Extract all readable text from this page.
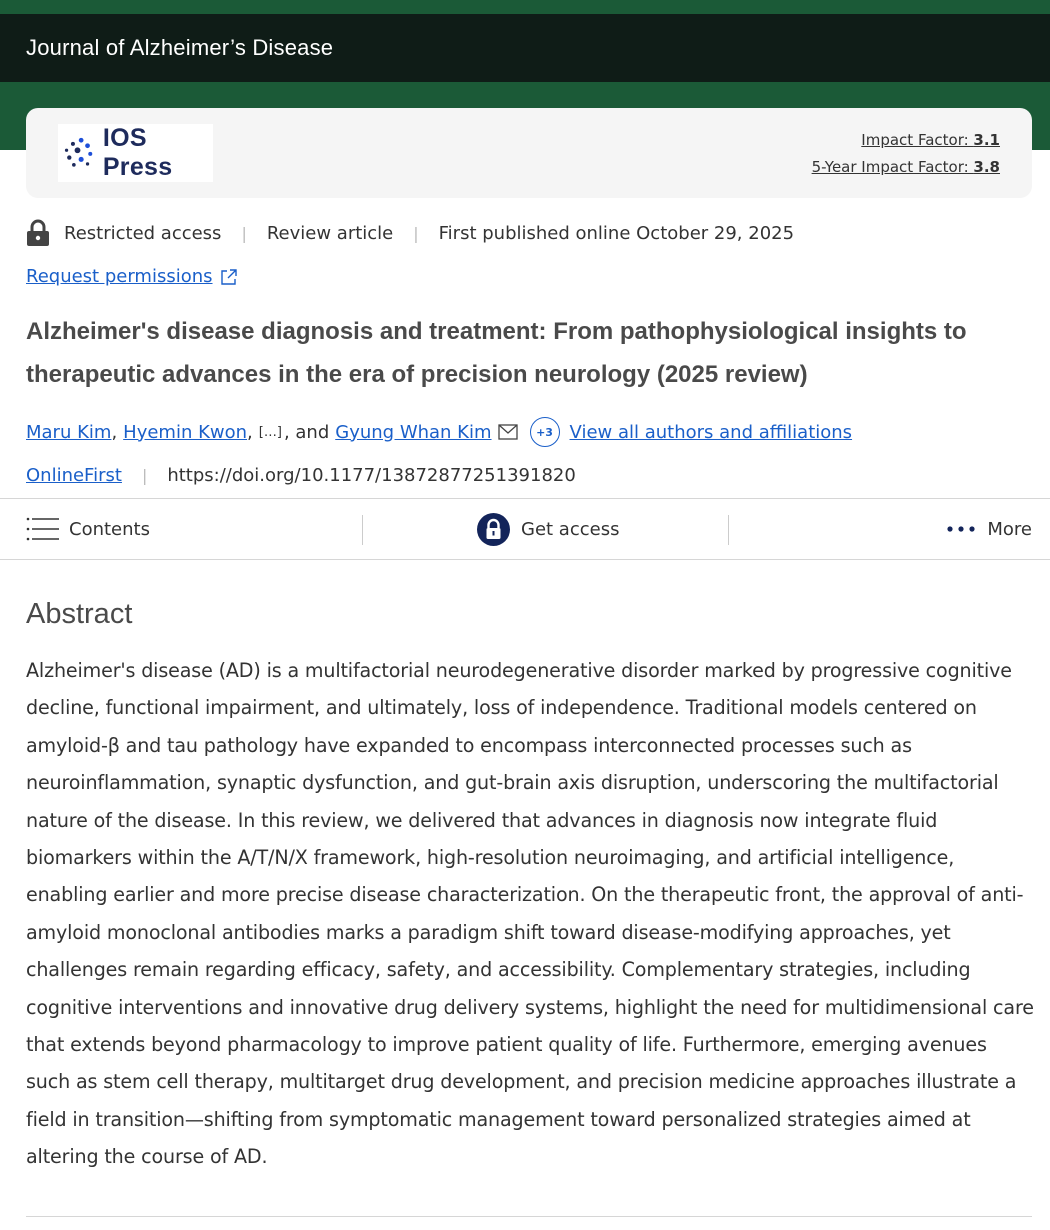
Journal of Alzheimer’s Disease
IOS Press
Impact Factor: 3.1
5-Year Impact Factor: 3.8
Restricted access | Review article | First published online October 29, 2025
Request permissions
Alzheimer's disease diagnosis and treatment: From pathophysiological insights to therapeutic advances in the era of precision neurology (2025 review)
Maru Kim , Hyemin Kwon , […] , and Gyung Whan Kim	+3 View all authors and affiliations
OnlineFirst | https://doi.org/10.1177/13872877251391820
Contents	Get access	More
Abstract

Alzheimer's disease (AD) is a multifactorial neurodegenerative disorder marked by progressive cognitive decline, functional impairment, and ultimately, loss of independence. Traditional models centered on amyloid-β and tau pathology have expanded to encompass interconnected processes such as neuroinflammation, synaptic dysfunction, and gut-brain axis disruption, underscoring the multifactorial nature of the disease. In this review, we delivered that advances in diagnosis now integrate fluid biomarkers within the A/T/N/X framework, high-resolution neuroimaging, and artificial intelligence, enabling earlier and more precise disease characterization. On the therapeutic front, the approval of anti-amyloid monoclonal antibodies marks a paradigm shift toward disease-modifying approaches, yet challenges remain regarding efficacy, safety, and accessibility. Complementary strategies, including cognitive interventions and innovative drug delivery systems, highlight the need for multidimensional care that extends beyond pharmacology to improve patient quality of life. Furthermore, emerging avenues such as stem cell therapy, multitarget drug development, and precision medicine approaches illustrate a field in transition—shifting from symptomatic management toward personalized strategies aimed at altering the course of AD.
